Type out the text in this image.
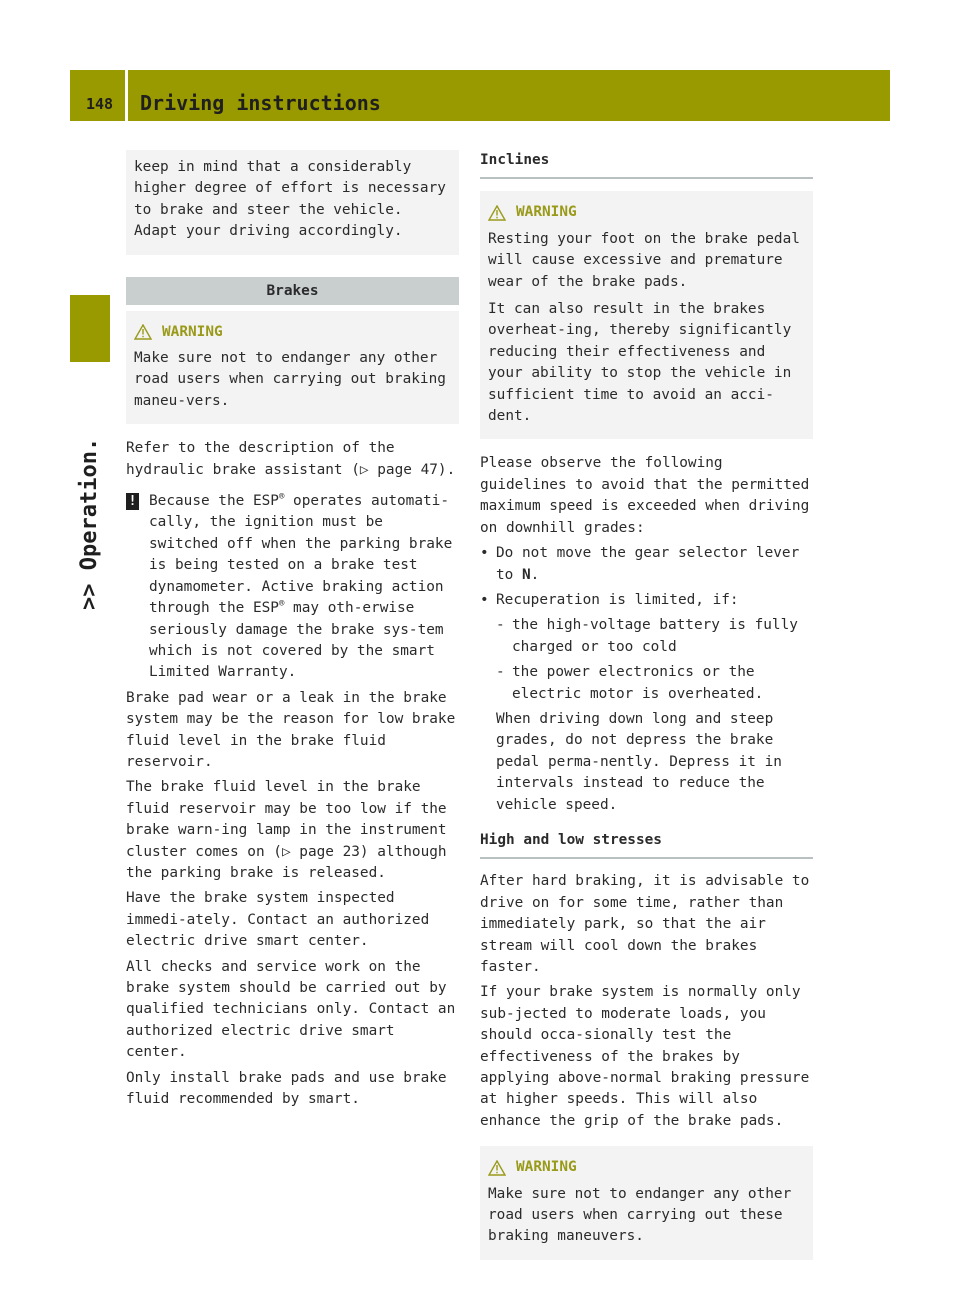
148 Driving instructions
>> Operation.

keep in mind that a considerably higher degree of effort is necessary to brake and steer the vehicle. Adapt your driving accordingly.

Brakes
WARNING

Make sure not to endanger any other road users when carrying out braking maneu-vers.

Refer to the description of the hydraulic brake assistant (▷ page 47).

! Because the ESP® operates automati-cally, the ignition must be switched off when the parking brake is being tested on a brake test dynamometer. Active braking action through the ESP® may oth-erwise seriously damage the brake sys-tem which is not covered by the smart Limited Warranty.

Brake pad wear or a leak in the brake system may be the reason for low brake fluid level in the brake fluid reservoir.

The brake fluid level in the brake fluid reservoir may be too low if the brake warn-ing lamp in the instrument cluster comes on (▷ page 23) although the parking brake is released.

Have the brake system inspected immedi-ately. Contact an authorized electric drive smart center.

All checks and service work on the brake system should be carried out by qualified technicians only. Contact an authorized electric drive smart center.

Only install brake pads and use brake fluid recommended by smart.

Inclines
WARNING

Resting your foot on the brake pedal will cause excessive and premature wear of the brake pads.

It can also result in the brakes overheat-ing, thereby significantly reducing their effectiveness and your ability to stop the vehicle in sufficient time to avoid an acci-dent.

Please observe the following guidelines to avoid that the permitted maximum speed is exceeded when driving on downhill grades:

• Do not move the gear selector lever to N.
• Recuperation is limited, if:
- the high-voltage battery is fully charged or too cold
- the power electronics or the electric motor is overheated.

When driving down long and steep grades, do not depress the brake pedal perma-nently. Depress it in intervals instead to reduce the vehicle speed.

High and low stresses

After hard braking, it is advisable to drive on for some time, rather than immediately park, so that the air stream will cool down the brakes faster.

If your brake system is normally only sub-jected to moderate loads, you should occa-sionally test the effectiveness of the brakes by applying above-normal braking pressure at higher speeds. This will also enhance the grip of the brake pads.

WARNING

Make sure not to endanger any other road users when carrying out these braking maneuvers.
